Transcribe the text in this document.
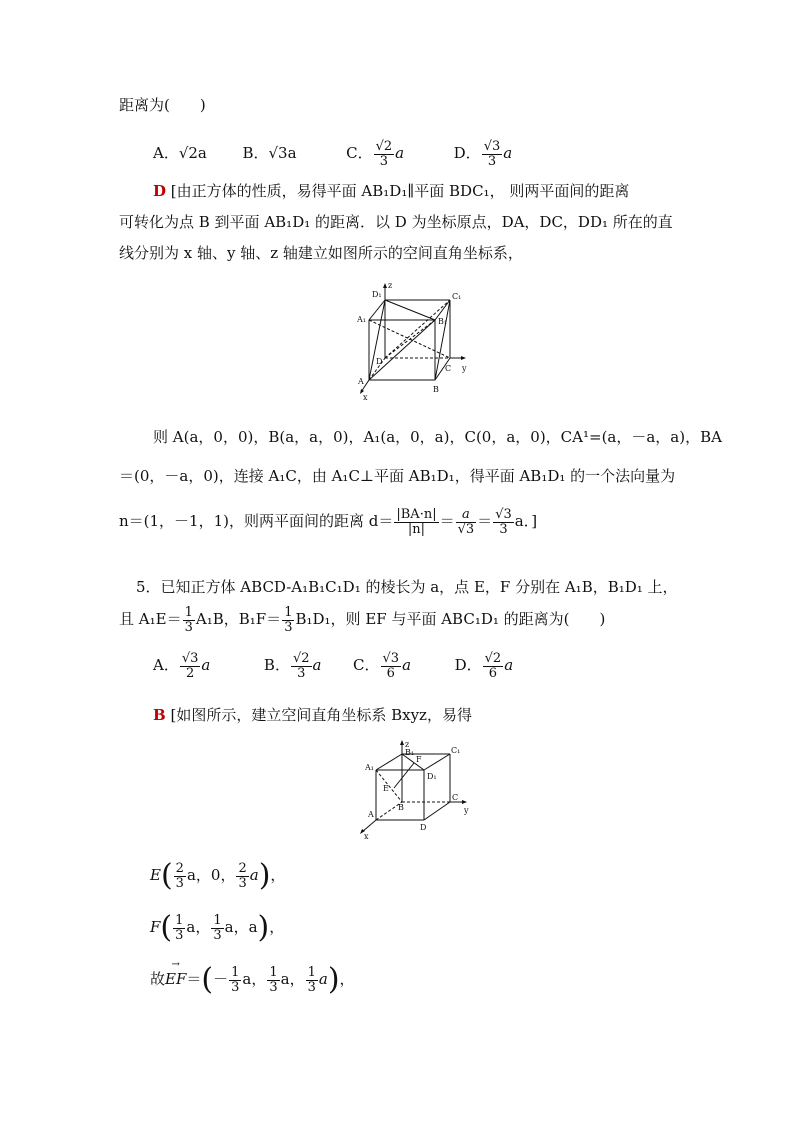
距离为(　　)
A．√2a B．√3a	C． $\frac{√2}{3}$ a	D． $\frac{√3}{3}$ a
D [由正方体的性质，易得平面 AB₁D₁∥平面 BDC₁， 则两平面间的距离
可转化为点 B 到平面 AB₁D₁ 的距离．以 D 为坐标原点，DA，DC，DD₁ 所在的直
线分别为 x 轴、y 轴、z 轴建立如图所示的空间直角坐标系，
z
D₁	C₁
A₁	B₁
D
C y
A
B
x
则 A(a，0，0)，B(a，a，0)，A₁(a，0，a)，C(0，a，0)，CA¹=(a，－a，a)，BA
＝(0，－a，0)，连接 A₁C，由 A₁C⊥平面 AB₁D₁，得平面 AB₁D₁ 的一个法向量为
n＝(1，－1，1)，则两平面间的距离 $d= \frac{|BA\cdot n|}{|n|} = \frac{a}{√3} = \frac{√3}{3}$ a．]
5．已知正方体 ABCD-A₁B₁C₁D₁ 的棱长为 a，点 E，F 分别在 A₁B，B₁D₁ 上，
且 $A_1E= \frac{1}{3} A_1B$，$B_1F= \frac{1}{3} B_1D_1$，则 EF 与平面 ABC₁D₁ 的距离为(　　)
A． $\frac{√3}{2}$ a	B． $\frac{√2}{3}$ a C． $\frac{√3}{6}$ a	D． $\frac{√2}{6}$ a
B [如图所示，建立空间直角坐标系 Bxyz，易得
z
B₁	C₁
A₁
F
D₁
E
B
C
y
A
D
x
$E( \frac{2}{3}$ a，0， $\frac{2}{3} a$)，
$F( \frac{1}{3}$ a， $\frac{1}{3}$ a，a)，
故→ $EF=(- \frac{1}{3}$ a， $\frac{1}{3}$ a， $\frac{1}{3} a$)，
